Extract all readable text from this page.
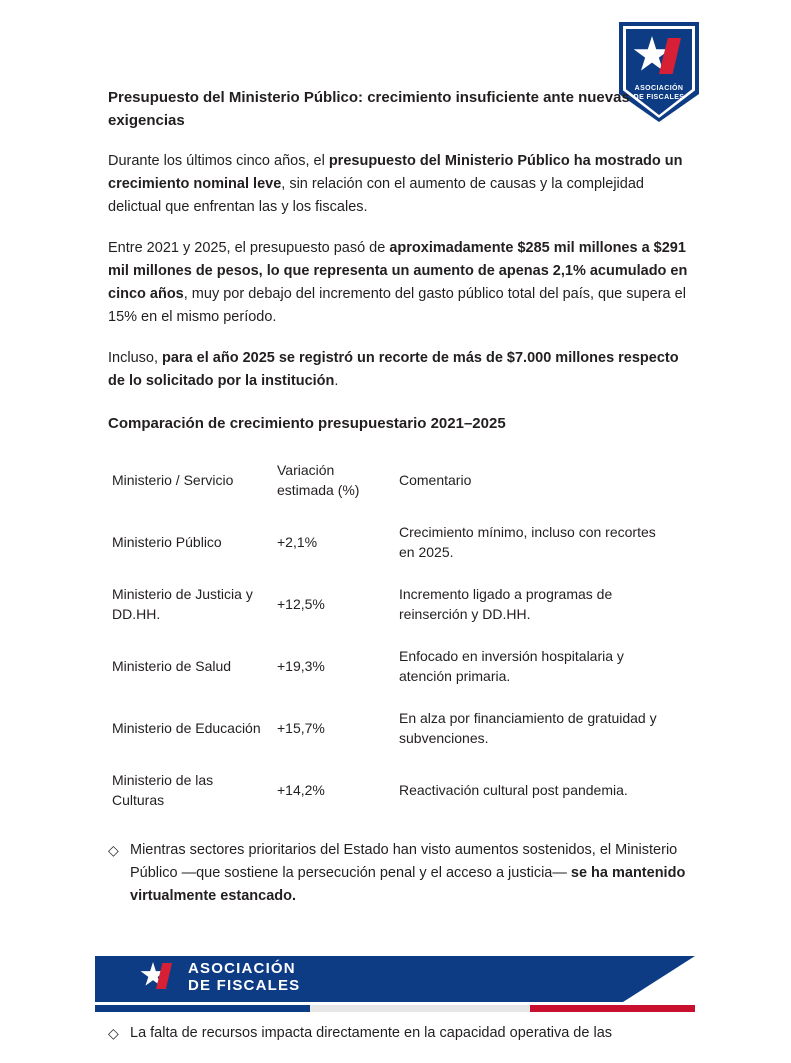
ASOCIACIÓN
DE FISCALES
Presupuesto del Ministerio Público: crecimiento insuficiente ante nuevas exigencias

Durante los últimos cinco años, el presupuesto del Ministerio Público ha mostrado un crecimiento nominal leve, sin relación con el aumento de causas y la complejidad delictual que enfrentan las y los fiscales.

Entre 2021 y 2025, el presupuesto pasó de aproximadamente $285 mil millones a $291 mil millones de pesos, lo que representa un aumento de apenas 2,1% acumulado en cinco años, muy por debajo del incremento del gasto público total del país, que supera el 15% en el mismo período.

Incluso, para el año 2025 se registró un recorte de más de $7.000 millones respecto de lo solicitado por la institución.

Comparación de crecimiento presupuestario 2021–2025
Ministerio / Servicio	Variación estimada (%)	Comentario
Ministerio Público	+2,1%	Crecimiento mínimo, incluso con recortes en 2025.
Ministerio de Justicia y DD.HH.	+12,5%	Incremento ligado a programas de reinserción y DD.HH.
Ministerio de Salud	+19,3%	Enfocado en inversión hospitalaria y atención primaria.
Ministerio de Educación	+15,7%	En alza por financiamiento de gratuidad y subvenciones.
Ministerio de las Culturas	+14,2%	Reactivación cultural post pandemia.
◇ Mientras sectores prioritarios del Estado han visto aumentos sostenidos, el Ministerio Público —que sostiene la persecución penal y el acceso a justicia— se ha mantenido virtualmente estancado.
◇ La falta de recursos impacta directamente en la capacidad operativa de las
ASOCIACIÓN
DE FISCALES
